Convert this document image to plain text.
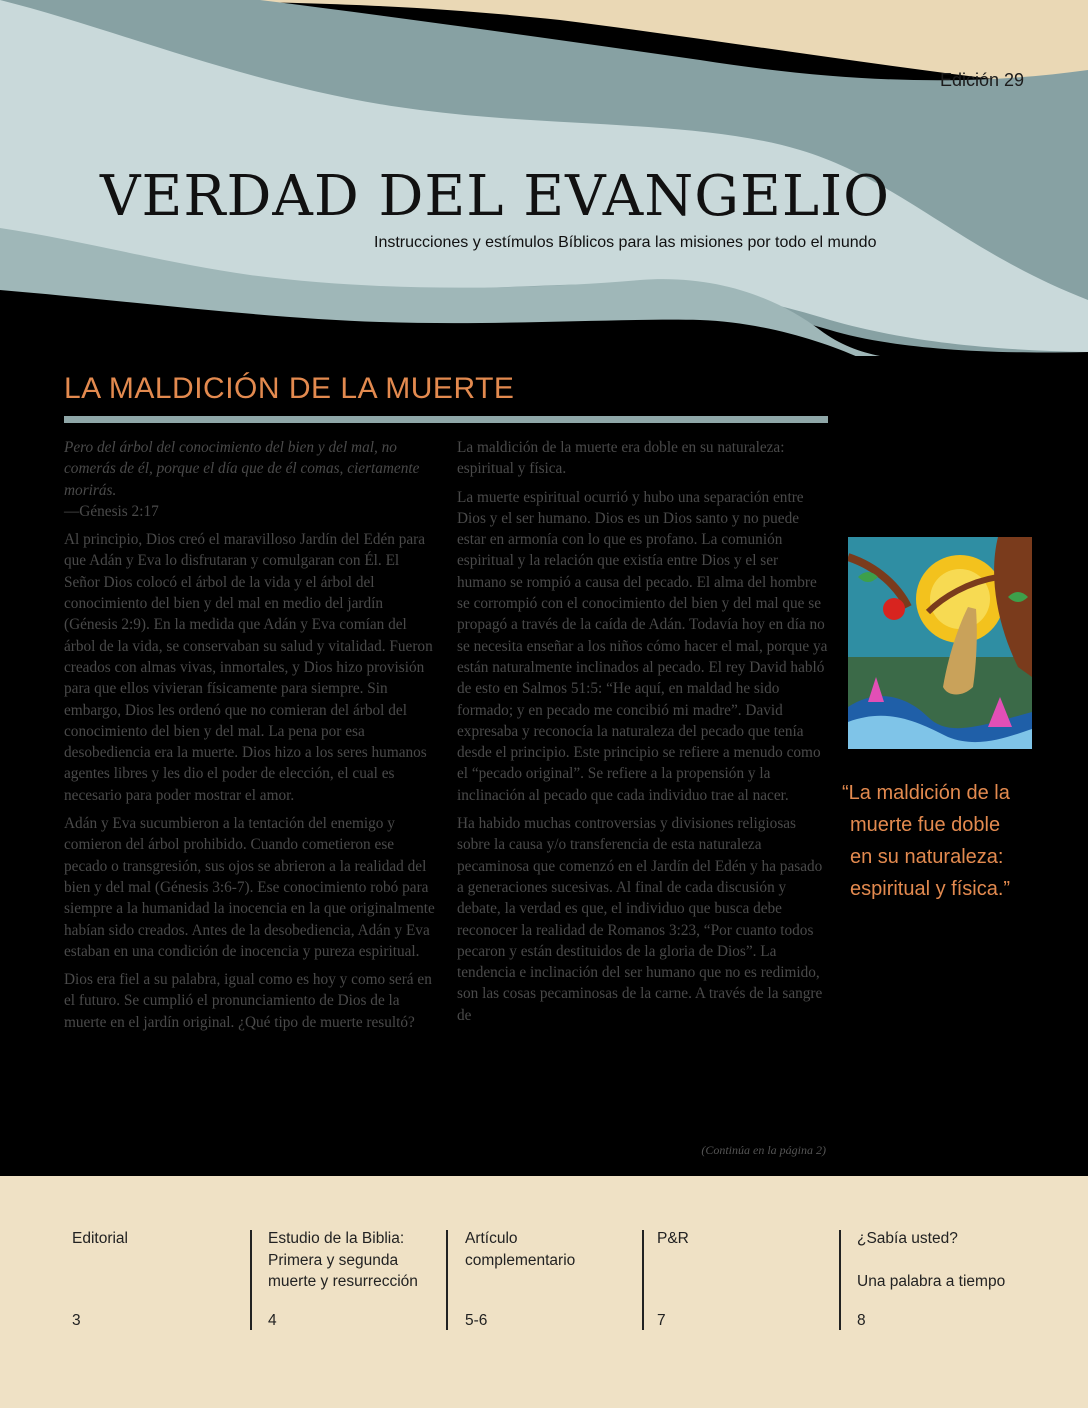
Edición 29
VERDAD DEL EVANGELIO
Instrucciones y estímulos Bíblicos para las misiones por todo el mundo
LA MALDICIÓN DE LA MUERTE

Pero del árbol del conocimiento del bien y del mal, no comerás de él, porque el día que de él comas, ciertamente morirás.

—Génesis 2:17

Al principio, Dios creó el maravilloso Jardín del Edén para que Adán y Eva lo disfrutaran y comulgaran con Él. El Señor Dios colocó el árbol de la vida y el árbol del conocimiento del bien y del mal en medio del jardín (Génesis 2:9). En la medida que Adán y Eva comían del árbol de la vida, se conservaban su salud y vitalidad. Fueron creados con almas vivas, inmortales, y Dios hizo provisión para que ellos vivieran físicamente para siempre. Sin embargo, Dios les ordenó que no comieran del árbol del conocimiento del bien y del mal. La pena por esa desobediencia era la muerte. Dios hizo a los seres humanos agentes libres y les dio el poder de elección, el cual es necesario para poder mostrar el amor.

Adán y Eva sucumbieron a la tentación del enemigo y comieron del árbol prohibido. Cuando cometieron ese pecado o transgresión, sus ojos se abrieron a la realidad del bien y del mal (Génesis 3:6-7). Ese conocimiento robó para siempre a la humanidad la inocencia en la que originalmente habían sido creados. Antes de la desobediencia, Adán y Eva estaban en una condición de inocencia y pureza espiritual.

Dios era fiel a su palabra, igual como es hoy y como será en el futuro. Se cumplió el pronunciamiento de Dios de la muerte en el jardín original. ¿Qué tipo de muerte resultó?

La maldición de la muerte era doble en su naturaleza: espiritual y física.

La muerte espiritual ocurrió y hubo una separación entre Dios y el ser humano. Dios es un Dios santo y no puede estar en armonía con lo que es profano. La comunión espiritual y la relación que existía entre Dios y el ser humano se rompió a causa del pecado. El alma del hombre se corrompió con el conocimiento del bien y del mal que se propagó a través de la caída de Adán. Todavía hoy en día no se necesita enseñar a los niños cómo hacer el mal, porque ya están naturalmente inclinados al pecado. El rey David habló de esto en Salmos 51:5: “He aquí, en maldad he sido formado; y en pecado me concibió mi madre”. David expresaba y reconocía la naturaleza del pecado que tenía desde el principio. Este principio se refiere a menudo como el “pecado original”. Se refiere a la propensión y la inclinación al pecado que cada individuo trae al nacer.

Ha habido muchas controversias y divisiones religiosas sobre la causa y/o transferencia de esta naturaleza pecaminosa que comenzó en el Jardín del Edén y ha pasado a generaciones sucesivas. Al final de cada discusión y debate, la verdad es que, el individuo que busca debe reconocer la realidad de Romanos 3:23, “Por cuanto todos pecaron y están destituidos de la gloria de Dios”. La tendencia e inclinación del ser humano que no es redimido, son las cosas pecaminosas de la carne. A través de la sangre de

(Continúa en la página 2)
“La maldición de la
muerte fue doble
en su naturaleza:
espiritual y física.”
Editorial
3
Estudio de la Biblia:
Primera y segunda
muerte y resurrección
4
Artículo
complementario
5-6
P&R
7
¿Sabía usted?
Una palabra a tiempo
8
